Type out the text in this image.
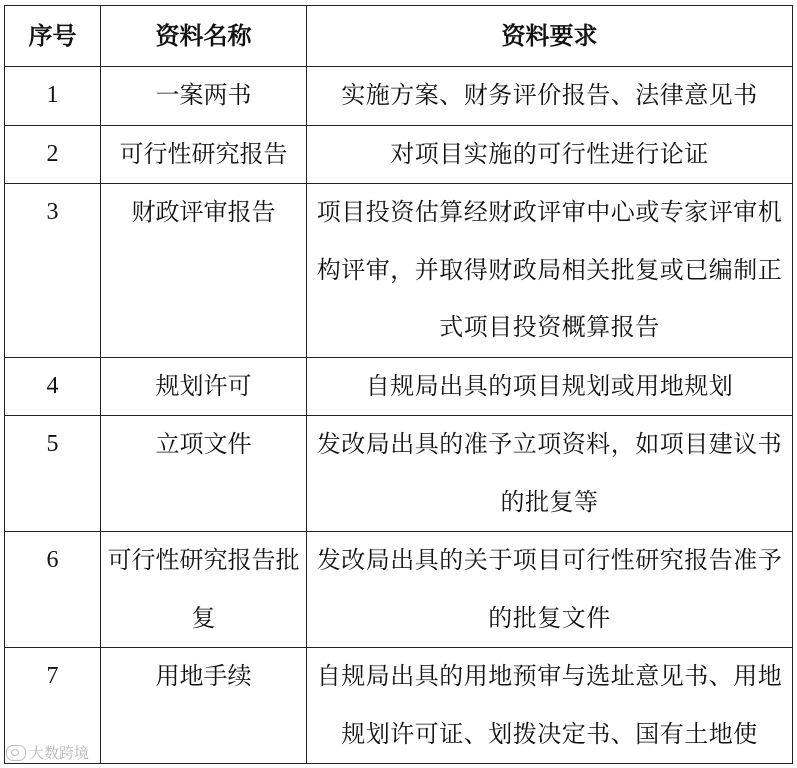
序号	资料名称	资料要求
1	一案两书	实施方案、财务评价报告、法律意见书
2	可行性研究报告	对项目实施的可行性进行论证
3	财政评审报告	项目投资估算经财政评审中心或专家评审机构评审，并取得财政局相关批复或已编制正式项目投资概算报告
4	规划许可	自规局出具的项目规划或用地规划
5	立项文件	发改局出具的准予立项资料，如项目建议书的批复等
6	可行性研究报告批复	发改局出具的关于项目可行性研究报告准予的批复文件
7	用地手续	自规局出具的用地预审与选址意见书、用地规划许可证、划拨决定书、国有土地使
大数跨境
